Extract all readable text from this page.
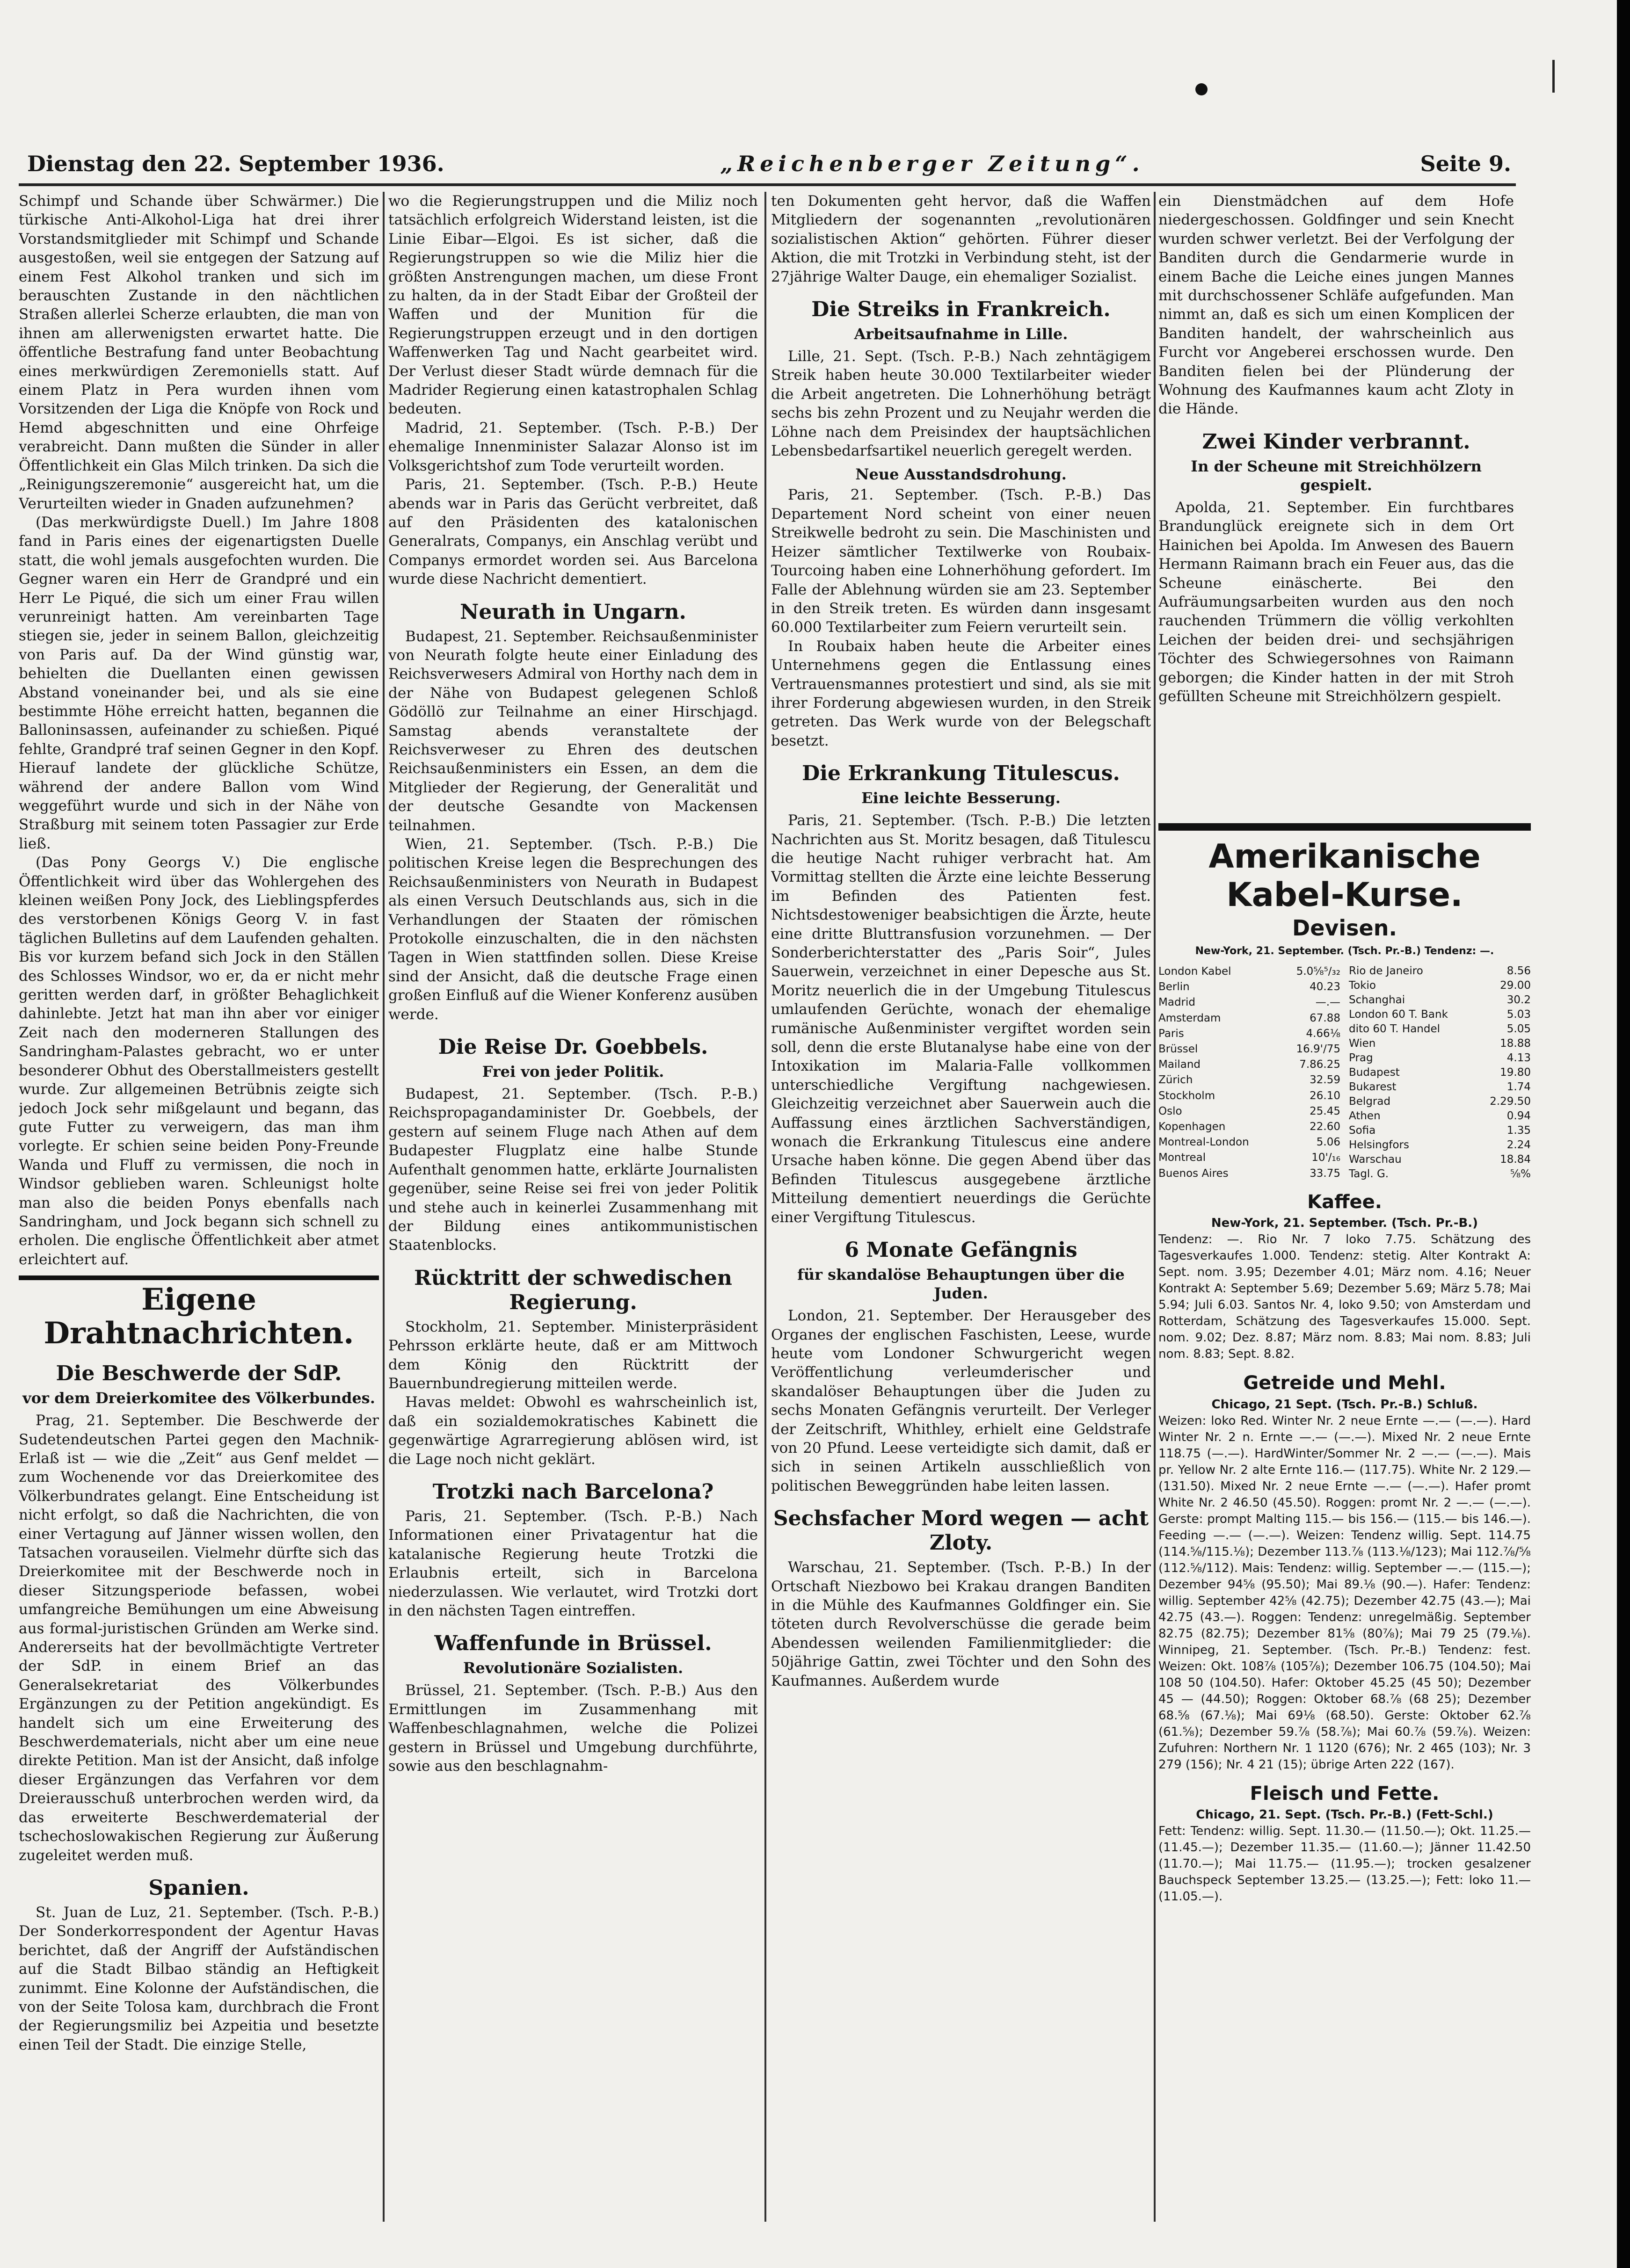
Dienstag den 22. September 1936.	„Reichenberger Zeitung“.	Seite 9.

Schimpf und Schande über Schwärmer.) Die türkische Anti-Alkohol-Liga hat drei ihrer Vorstandsmitglieder mit Schimpf und Schande ausgestoßen, weil sie entgegen der Satzung auf einem Fest Alkohol tranken und sich im berauschten Zustande in den nächtlichen Straßen allerlei Scherze erlaubten, die man von ihnen am allerwenigsten erwartet hatte. Die öffentliche Bestrafung fand unter Beobachtung eines merkwürdigen Zeremoniells statt. Auf einem Platz in Pera wurden ihnen vom Vorsitzenden der Liga die Knöpfe von Rock und Hemd abgeschnitten und eine Ohrfeige verabreicht. Dann mußten die Sünder in aller Öffentlichkeit ein Glas Milch trinken. Da sich die „Reinigungszeremonie“ ausgereicht hat, um die Verurteilten wieder in Gnaden aufzunehmen?

(Das merkwürdigste Duell.) Im Jahre 1808 fand in Paris eines der eigenartigsten Duelle statt, die wohl jemals ausgefochten wurden. Die Gegner waren ein Herr de Grandpré und ein Herr Le Piqué, die sich um einer Frau willen verunreinigt hatten. Am vereinbarten Tage stiegen sie, jeder in seinem Ballon, gleichzeitig von Paris auf. Da der Wind günstig war, behielten die Duellanten einen gewissen Abstand voneinander bei, und als sie eine bestimmte Höhe erreicht hatten, begannen die Balloninsassen, aufeinander zu schießen. Piqué fehlte, Grandpré traf seinen Gegner in den Kopf. Hierauf landete der glückliche Schütze, während der andere Ballon vom Wind weggeführt wurde und sich in der Nähe von Straßburg mit seinem toten Passagier zur Erde ließ.

(Das Pony Georgs V.) Die englische Öffentlichkeit wird über das Wohlergehen des kleinen weißen Pony Jock, des Lieblingspferdes des verstorbenen Königs Georg V. in fast täglichen Bulletins auf dem Laufenden gehalten. Bis vor kurzem befand sich Jock in den Ställen des Schlosses Windsor, wo er, da er nicht mehr geritten werden darf, in größter Behaglichkeit dahinlebte. Jetzt hat man ihn aber vor einiger Zeit nach den moderneren Stallungen des Sandringham-Palastes gebracht, wo er unter besonderer Obhut des Oberstallmeisters gestellt wurde. Zur allgemeinen Betrübnis zeigte sich jedoch Jock sehr mißgelaunt und begann, das gute Futter zu verweigern, das man ihm vorlegte. Er schien seine beiden Pony-Freunde Wanda und Fluff zu vermissen, die noch in Windsor geblieben waren. Schleunigst holte man also die beiden Ponys ebenfalls nach Sandringham, und Jock begann sich schnell zu erholen. Die englische Öffentlichkeit aber atmet erleichtert auf.

Eigene Drahtnachrichten.
Die Beschwerde der SdP.
vor dem Dreierkomitee des Völkerbundes.

Prag, 21. September. Die Beschwerde der Sudetendeutschen Partei gegen den Machnik-Erlaß ist — wie die „Zeit“ aus Genf meldet — zum Wochenende vor das Dreierkomitee des Völkerbundrates gelangt. Eine Entscheidung ist nicht erfolgt, so daß die Nachrichten, die von einer Vertagung auf Jänner wissen wollen, den Tatsachen vorauseilen. Vielmehr dürfte sich das Dreierkomitee mit der Beschwerde noch in dieser Sitzungsperiode befassen, wobei umfangreiche Bemühungen um eine Abweisung aus formal-juristischen Gründen am Werke sind. Andererseits hat der bevollmächtigte Vertreter der SdP. in einem Brief an das Generalsekretariat des Völkerbundes Ergänzungen zu der Petition angekündigt. Es handelt sich um eine Erweiterung des Beschwerdematerials, nicht aber um eine neue direkte Petition. Man ist der Ansicht, daß infolge dieser Ergänzungen das Verfahren vor dem Dreierausschuß unterbrochen werden wird, da das erweiterte Beschwerdematerial der tschechoslowakischen Regierung zur Äußerung zugeleitet werden muß.

Spanien.

St. Juan de Luz, 21. September. (Tsch. P.-B.) Der Sonderkorrespondent der Agentur Havas berichtet, daß der Angriff der Aufständischen auf die Stadt Bilbao ständig an Heftigkeit zunimmt. Eine Kolonne der Aufständischen, die von der Seite Tolosa kam, durchbrach die Front der Regierungsmiliz bei Azpeitia und besetzte einen Teil der Stadt. Die einzige Stelle,

wo die Regierungstruppen und die Miliz noch tatsächlich erfolgreich Widerstand leisten, ist die Linie Eibar—Elgoi. Es ist sicher, daß die Regierungstruppen so wie die Miliz hier die größten Anstrengungen machen, um diese Front zu halten, da in der Stadt Eibar der Großteil der Waffen und der Munition für die Regierungstruppen erzeugt und in den dortigen Waffenwerken Tag und Nacht gearbeitet wird. Der Verlust dieser Stadt würde demnach für die Madrider Regierung einen katastrophalen Schlag bedeuten.

Madrid, 21. September. (Tsch. P.-B.) Der ehemalige Innenminister Salazar Alonso ist im Volksgerichtshof zum Tode verurteilt worden.

Paris, 21. September. (Tsch. P.-B.) Heute abends war in Paris das Gerücht verbreitet, daß auf den Präsidenten des katalonischen Generalrats, Companys, ein Anschlag verübt und Companys ermordet worden sei. Aus Barcelona wurde diese Nachricht dementiert.

Neurath in Ungarn.

Budapest, 21. September. Reichsaußenminister von Neurath folgte heute einer Einladung des Reichsverwesers Admiral von Horthy nach dem in der Nähe von Budapest gelegenen Schloß Gödöllö zur Teilnahme an einer Hirschjagd. Samstag abends veranstaltete der Reichsverweser zu Ehren des deutschen Reichsaußenministers ein Essen, an dem die Mitglieder der Regierung, der Generalität und der deutsche Gesandte von Mackensen teilnahmen.

Wien, 21. September. (Tsch. P.-B.) Die politischen Kreise legen die Besprechungen des Reichsaußenministers von Neurath in Budapest als einen Versuch Deutschlands aus, sich in die Verhandlungen der Staaten der römischen Protokolle einzuschalten, die in den nächsten Tagen in Wien stattfinden sollen. Diese Kreise sind der Ansicht, daß die deutsche Frage einen großen Einfluß auf die Wiener Konferenz ausüben werde.

Die Reise Dr. Goebbels.
Frei von jeder Politik.

Budapest, 21. September. (Tsch. P.-B.) Reichspropagandaminister Dr. Goebbels, der gestern auf seinem Fluge nach Athen auf dem Budapester Flugplatz eine halbe Stunde Aufenthalt genommen hatte, erklärte Journalisten gegenüber, seine Reise sei frei von jeder Politik und stehe auch in keinerlei Zusammenhang mit der Bildung eines antikommunistischen Staatenblocks.

Rücktritt der schwedischen Regierung.

Stockholm, 21. September. Ministerpräsident Pehrsson erklärte heute, daß er am Mittwoch dem König den Rücktritt der Bauernbundregierung mitteilen werde.

Havas meldet: Obwohl es wahrscheinlich ist, daß ein sozialdemokratisches Kabinett die gegenwärtige Agrarregierung ablösen wird, ist die Lage noch nicht geklärt.

Trotzki nach Barcelona?

Paris, 21. September. (Tsch. P.-B.) Nach Informationen einer Privatagentur hat die katalanische Regierung heute Trotzki die Erlaubnis erteilt, sich in Barcelona niederzulassen. Wie verlautet, wird Trotzki dort in den nächsten Tagen eintreffen.

Waffenfunde in Brüssel.
Revolutionäre Sozialisten.

Brüssel, 21. September. (Tsch. P.-B.) Aus den Ermittlungen im Zusammenhang mit Waffenbeschlagnahmen, welche die Polizei gestern in Brüssel und Umgebung durchführte, sowie aus den beschlagnahm-

ten Dokumenten geht hervor, daß die Waffen Mitgliedern der sogenannten „revolutionären sozialistischen Aktion“ gehörten. Führer dieser Aktion, die mit Trotzki in Verbindung steht, ist der 27jährige Walter Dauge, ein ehemaliger Sozialist.

Die Streiks in Frankreich.
Arbeitsaufnahme in Lille.

Lille, 21. Sept. (Tsch. P.-B.) Nach zehntägigem Streik haben heute 30.000 Textilarbeiter wieder die Arbeit angetreten. Die Lohnerhöhung beträgt sechs bis zehn Prozent und zu Neujahr werden die Löhne nach dem Preisindex der hauptsächlichen Lebensbedarfsartikel neuerlich geregelt werden.

Neue Ausstandsdrohung.

Paris, 21. September. (Tsch. P.-B.) Das Departement Nord scheint von einer neuen Streikwelle bedroht zu sein. Die Maschinisten und Heizer sämtlicher Textilwerke von Roubaix-Tourcoing haben eine Lohnerhöhung gefordert. Im Falle der Ablehnung würden sie am 23. September in den Streik treten. Es würden dann insgesamt 60.000 Textilarbeiter zum Feiern verurteilt sein.

In Roubaix haben heute die Arbeiter eines Unternehmens gegen die Entlassung eines Vertrauensmannes protestiert und sind, als sie mit ihrer Forderung abgewiesen wurden, in den Streik getreten. Das Werk wurde von der Belegschaft besetzt.

Die Erkrankung Titulescus.
Eine leichte Besserung.

Paris, 21. September. (Tsch. P.-B.) Die letzten Nachrichten aus St. Moritz besagen, daß Titulescu die heutige Nacht ruhiger verbracht hat. Am Vormittag stellten die Ärzte eine leichte Besserung im Befinden des Patienten fest. Nichtsdestoweniger beabsichtigen die Ärzte, heute eine dritte Bluttransfusion vorzunehmen. — Der Sonderberichterstatter des „Paris Soir“, Jules Sauerwein, verzeichnet in einer Depesche aus St. Moritz neuerlich die in der Umgebung Titulescus umlaufenden Gerüchte, wonach der ehemalige rumänische Außenminister vergiftet worden sein soll, denn die erste Blutanalyse habe eine von der Intoxikation im Malaria-Falle vollkommen unterschiedliche Vergiftung nachgewiesen. Gleichzeitig verzeichnet aber Sauerwein auch die Auffassung eines ärztlichen Sachverständigen, wonach die Erkrankung Titulescus eine andere Ursache haben könne. Die gegen Abend über das Befinden Titulescus ausgegebene ärztliche Mitteilung dementiert neuerdings die Gerüchte einer Vergiftung Titulescus.

6 Monate Gefängnis
für skandalöse Behauptungen über die Juden.

London, 21. September. Der Herausgeber des Organes der englischen Faschisten, Leese, wurde heute vom Londoner Schwurgericht wegen Veröffentlichung verleumderischer und skandalöser Behauptungen über die Juden zu sechs Monaten Gefängnis verurteilt. Der Verleger der Zeitschrift, Whithley, erhielt eine Geldstrafe von 20 Pfund. Leese verteidigte sich damit, daß er sich in seinen Artikeln ausschließlich von politischen Beweggründen habe leiten lassen.

Sechsfacher Mord wegen — acht Zloty.

Warschau, 21. September. (Tsch. P.-B.) In der Ortschaft Niezbowo bei Krakau drangen Banditen in die Mühle des Kaufmannes Goldfinger ein. Sie töteten durch Revolverschüsse die gerade beim Abendessen weilenden Familienmitglieder: die 50jährige Gattin, zwei Töchter und den Sohn des Kaufmannes. Außerdem wurde

ein Dienstmädchen auf dem Hofe niedergeschossen. Goldfinger und sein Knecht wurden schwer verletzt. Bei der Verfolgung der Banditen durch die Gendarmerie wurde in einem Bache die Leiche eines jungen Mannes mit durchschossener Schläfe aufgefunden. Man nimmt an, daß es sich um einen Komplicen der Banditen handelt, der wahrscheinlich aus Furcht vor Angeberei erschossen wurde. Den Banditen fielen bei der Plünderung der Wohnung des Kaufmannes kaum acht Zloty in die Hände.

Zwei Kinder verbrannt.
In der Scheune mit Streichhölzern gespielt.

Apolda, 21. September. Ein furchtbares Brandunglück ereignete sich in dem Ort Hainichen bei Apolda. Im Anwesen des Bauern Hermann Raimann brach ein Feuer aus, das die Scheune einäscherte. Bei den Aufräumungsarbeiten wurden aus den noch rauchenden Trümmern die völlig verkohlten Leichen der beiden drei- und sechsjährigen Töchter des Schwiegersohnes von Raimann geborgen; die Kinder hatten in der mit Stroh gefüllten Scheune mit Streichhölzern gespielt.

Amerikanische Kabel-Kurse.
Devisen.
New-York, 21. September. (Tsch. Pr.-B.) Tendenz: —.
London Kabel	5.0⅝⁵/₃₂
Berlin	40.23
Madrid	—.—
Amsterdam	67.88
Paris	4.66⅛
Brüssel	16.9'/75
Mailand	7.86.25
Zürich	32.59
Stockholm	26.10
Oslo	25.45
Kopenhagen	22.60
Montreal-London	5.06
Montreal	10'/₁₆
Buenos Aires	33.75
Rio de Janeiro	8.56
Tokio	29.00
Schanghai	30.2
London 60 T. Bank	5.03
dito 60 T. Handel	5.05
Wien	18.88
Prag	4.13
Budapest	19.80
Bukarest	1.74
Belgrad	2.29.50
Athen	0.94
Sofia	1.35
Helsingfors	2.24
Warschau	18.84
Tagl. G.	⅝%
Kaffee.
New-York, 21. September. (Tsch. Pr.-B.)

Tendenz: —. Rio Nr. 7 loko 7.75. Schätzung des Tagesverkaufes 1.000. Tendenz: stetig. Alter Kontrakt A: Sept. nom. 3.95; Dezember 4.01; März nom. 4.16; Neuer Kontrakt A: September 5.69; Dezember 5.69; März 5.78; Mai 5.94; Juli 6.03. Santos Nr. 4, loko 9.50; von Amsterdam und Rotterdam, Schätzung des Tagesverkaufes 15.000. Sept. nom. 9.02; Dez. 8.87; März nom. 8.83; Mai nom. 8.83; Juli nom. 8.83; Sept. 8.82.

Getreide und Mehl.
Chicago, 21 Sept. (Tsch. Pr.-B.) Schluß.

Weizen: loko Red. Winter Nr. 2 neue Ernte —.— (—.—). Hard Winter Nr. 2 n. Ernte —.— (—.—). Mixed Nr. 2 neue Ernte 118.75 (—.—). HardWinter/Sommer Nr. 2 —.— (—.—). Mais pr. Yellow Nr. 2 alte Ernte 116.— (117.75). White Nr. 2 129.— (131.50). Mixed Nr. 2 neue Ernte —.— (—.—). Hafer promt White Nr. 2 46.50 (45.50). Roggen: promt Nr. 2 —.— (—.—). Gerste: prompt Malting 115.— bis 156.— (115.— bis 146.—). Feeding —.— (—.—). Weizen: Tendenz willig. Sept. 114.75 (114.⅝/115.⅛); Dezember 113.⅞ (113.⅛/123); Mai 112.⅞/⅝ (112.⅝/112). Mais: Tendenz: willig. September —.— (115.—); Dezember 94⅝ (95.50); Mai 89.⅛ (90.—). Hafer: Tendenz: willig. September 42⅝ (42.75); Dezember 42.75 (43.—); Mai 42.75 (43.—). Roggen: Tendenz: unregelmäßig. September 82.75 (82.75); Dezember 81⅝ (80⅞); Mai 79 25 (79.⅛). Winnipeg, 21. September. (Tsch. Pr.-B.) Tendenz: fest. Weizen: Okt. 108⅞ (105⅞); Dezember 106.75 (104.50); Mai 108 50 (104.50). Hafer: Oktober 45.25 (45 50); Dezember 45 — (44.50); Roggen: Oktober 68.⅞ (68 25); Dezember 68.⅝ (67.⅛); Mai 69⅛ (68.50). Gerste: Oktober 62.⅞ (61.⅝); Dezember 59.⅞ (58.⅞); Mai 60.⅞ (59.⅞). Weizen: Zufuhren: Northern Nr. 1 1120 (676); Nr. 2 465 (103); Nr. 3 279 (156); Nr. 4 21 (15); übrige Arten 222 (167).

Fleisch und Fette.
Chicago, 21. Sept. (Tsch. Pr.-B.) (Fett-Schl.)

Fett: Tendenz: willig. Sept. 11.30.— (11.50.—); Okt. 11.25.— (11.45.—); Dezember 11.35.— (11.60.—); Jänner 11.42.50 (11.70.—); Mai 11.75.— (11.95.—); trocken gesalzener Bauchspeck September 13.25.— (13.25.—); Fett: loko 11.— (11.05.—).
